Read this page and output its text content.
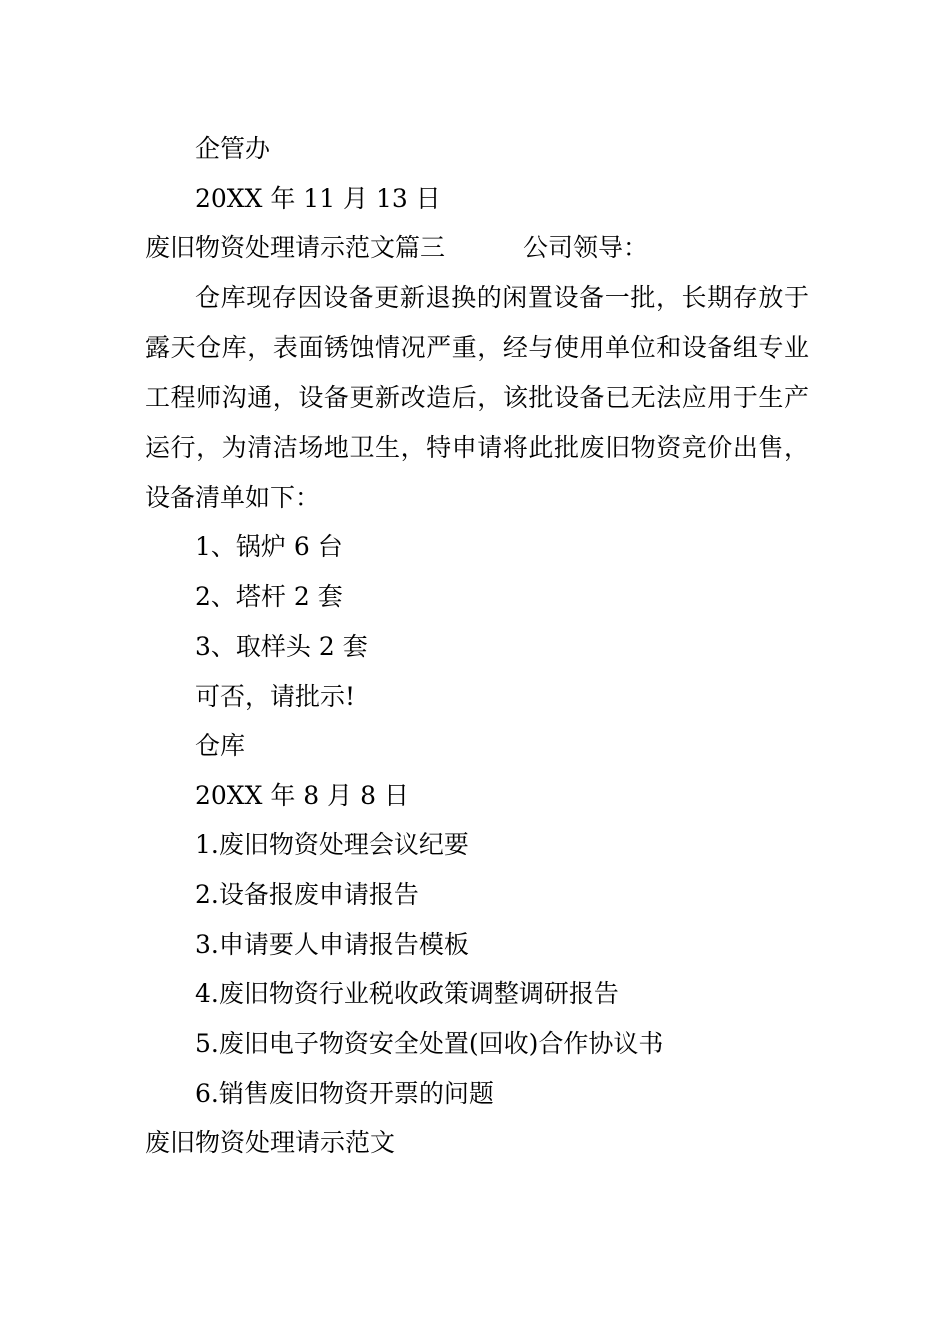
企管办
20XX 年 11 月 13 日
废旧物资处理请示范文篇三	公司领导：
仓库现存因设备更新退换的闲置设备一批，长期存放于露天仓库，表面锈蚀情况严重，经与使用单位和设备组专业工程师沟通，设备更新改造后，该批设备已无法应用于生产运行，为清洁场地卫生，特申请将此批废旧物资竞价出售，设备清单如下：
1、锅炉 6 台
2、塔杆 2 套
3、取样头 2 套
可否，请批示!
仓库
20XX 年 8 月 8 日
1.废旧物资处理会议纪要
2.设备报废申请报告
3.申请要人申请报告模板
4.废旧物资行业税收政策调整调研报告
5.废旧电子物资安全处置(回收)合作协议书
6.销售废旧物资开票的问题
废旧物资处理请示范文
